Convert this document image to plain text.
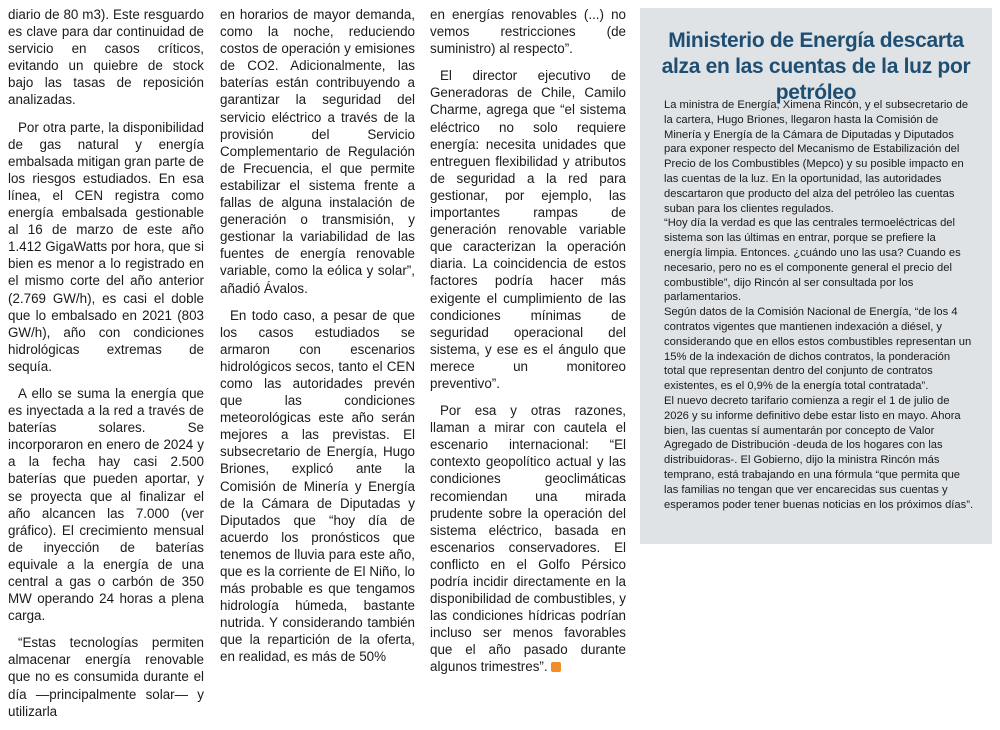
diario de 80 m3). Este resguardo es clave para dar continuidad de servicio en casos críticos, evitando un quiebre de stock bajo las tasas de reposición analizadas.

Por otra parte, la disponibilidad de gas natural y energía embalsada mitigan gran parte de los riesgos estudiados. En esa línea, el CEN registra como energía embalsada gestionable al 16 de marzo de este año 1.412 GigaWatts por hora, que si bien es menor a lo registrado en el mismo corte del año anterior (2.769 GW/h), es casi el doble que lo embalsado en 2021 (803 GW/h), año con condiciones hidrológicas extremas de sequía.

A ello se suma la energía que es inyectada a la red a través de baterías solares. Se incorporaron en enero de 2024 y a la fecha hay casi 2.500 baterías que pueden aportar, y se proyecta que al finalizar el año alcancen las 7.000 (ver gráfico). El crecimiento mensual de inyección de baterías equivale a la energía de una central a gas o carbón de 350 MW operando 24 horas a plena carga.

“Estas tecnologías permiten almacenar energía renovable que no es consumida durante el día —principalmente solar— y utilizarla

en horarios de mayor demanda, como la noche, reduciendo costos de operación y emisiones de CO2. Adicionalmente, las baterías están contribuyendo a garantizar la seguridad del servicio eléctrico a través de la provisión del Servicio Complementario de Regulación de Frecuencia, el que permite estabilizar el sistema frente a fallas de alguna instalación de generación o transmisión, y gestionar la variabilidad de las fuentes de energía renovable variable, como la eólica y solar”, añadió Ávalos.

En todo caso, a pesar de que los casos estudiados se armaron con escenarios hidrológicos secos, tanto el CEN como las autoridades prevén que las condiciones meteorológicas este año serán mejores a las previstas. El subsecretario de Energía, Hugo Briones, explicó ante la Comisión de Minería y Energía de la Cámara de Diputadas y Diputados que “hoy día de acuerdo los pronósticos que tenemos de lluvia para este año, que es la corriente de El Niño, lo más probable es que tengamos hidrología húmeda, bastante nutrida. Y considerando también que la repartición de la oferta, en realidad, es más de 50%

en energías renovables (...) no vemos restricciones (de suministro) al respecto”.

El director ejecutivo de Generadoras de Chile, Camilo Charme, agrega que “el sistema eléctrico no solo requiere energía: necesita unidades que entreguen flexibilidad y atributos de seguridad a la red para gestionar, por ejemplo, las importantes rampas de generación renovable variable que caracterizan la operación diaria. La coincidencia de estos factores podría hacer más exigente el cumplimiento de las condiciones mínimas de seguridad operacional del sistema, y ese es el ángulo que merece un monitoreo preventivo”.

Por esa y otras razones, llaman a mirar con cautela el escenario internacional: “El contexto geopolítico actual y las condiciones geoclimáticas recomiendan una mirada prudente sobre la operación del sistema eléctrico, basada en escenarios conservadores. El conflicto en el Golfo Pérsico podría incidir directamente en la disponibilidad de combustibles, y las condiciones hídricas podrían incluso ser menos favorables que el año pasado durante algunos trimestres”.

Ministerio de Energía descarta alza en las cuentas de la luz por petróleo

La ministra de Energía, Ximena Rincón, y el subsecretario de la cartera, Hugo Briones, llegaron hasta la Comisión de Minería y Energía de la Cámara de Diputadas y Diputados para exponer respecto del Mecanismo de Estabilización del Precio de los Combustibles (Mepco) y su posible impacto en las cuentas de la luz. En la oportunidad, las autoridades descartaron que producto del alza del petróleo las cuentas suban para los clientes regulados.

“Hoy día la verdad es que las centrales termoeléctricas del sistema son las últimas en entrar, porque se prefiere la energía limpia. Entonces. ¿cuándo uno las usa? Cuando es necesario, pero no es el componente general el precio del combustible”, dijo Rincón al ser consultada por los parlamentarios.

Según datos de la Comisión Nacional de Energía, “de los 4 contratos vigentes que mantienen indexación a diésel, y considerando que en ellos estos combustibles representan un 15% de la indexación de dichos contratos, la ponderación total que representan dentro del conjunto de contratos existentes, es el 0,9% de la energía total contratada”.

El nuevo decreto tarifario comienza a regir el 1 de julio de 2026 y su informe definitivo debe estar listo en mayo. Ahora bien, las cuentas sí aumentarán por concepto de Valor Agregado de Distribución -deuda de los hogares con las distribuidoras-. El Gobierno, dijo la ministra Rincón más temprano, está trabajando en una fórmula “que permita que las familias no tengan que ver encarecidas sus cuentas y esperamos poder tener buenas noticias en los próximos días”.
